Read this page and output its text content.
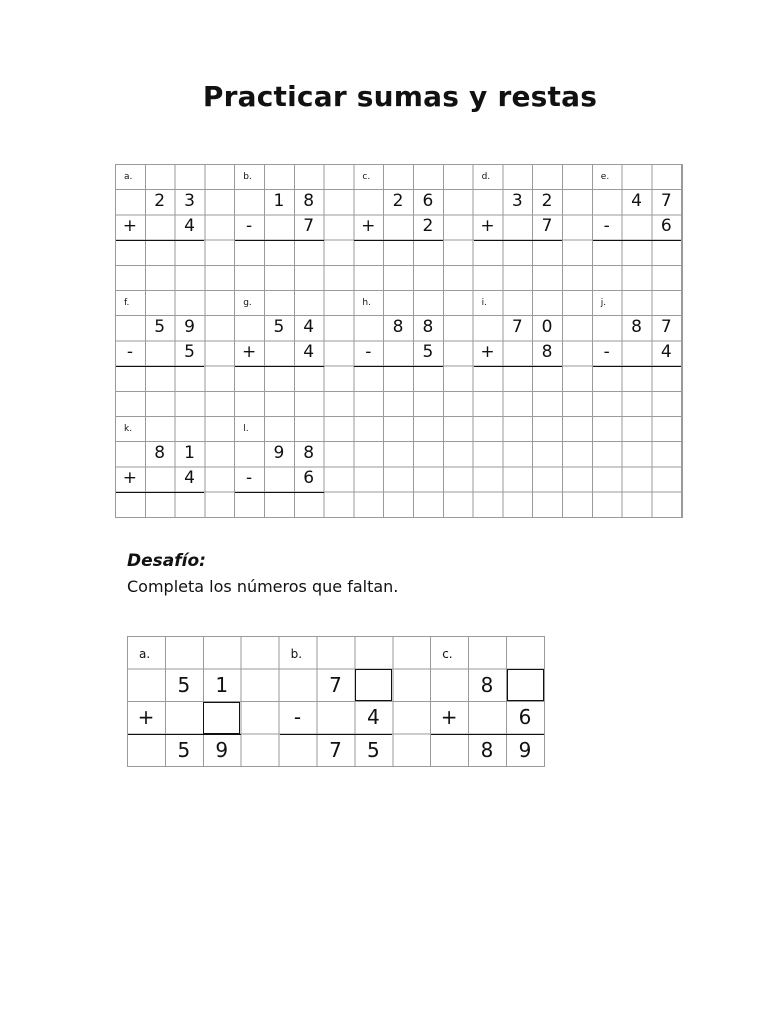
Practicar sumas y restas
a.
2	3
+	4
b.
1	8
-	7
c.
2	6
+	2
d.
3	2
+	7
e.
4	7
-	6
f.
5	9
-	5
g.
5	4
+	4
h.
8	8
-	5
i.
7	0
+	8
j.
8	7
-	4
k.
8	1
+	4
l.
9	8
-	6
Desafío:
Completa los números que faltan.
a.
5	1
+
5	9
b.
7
-	4
7	5
c.
8
+	6
8	9
